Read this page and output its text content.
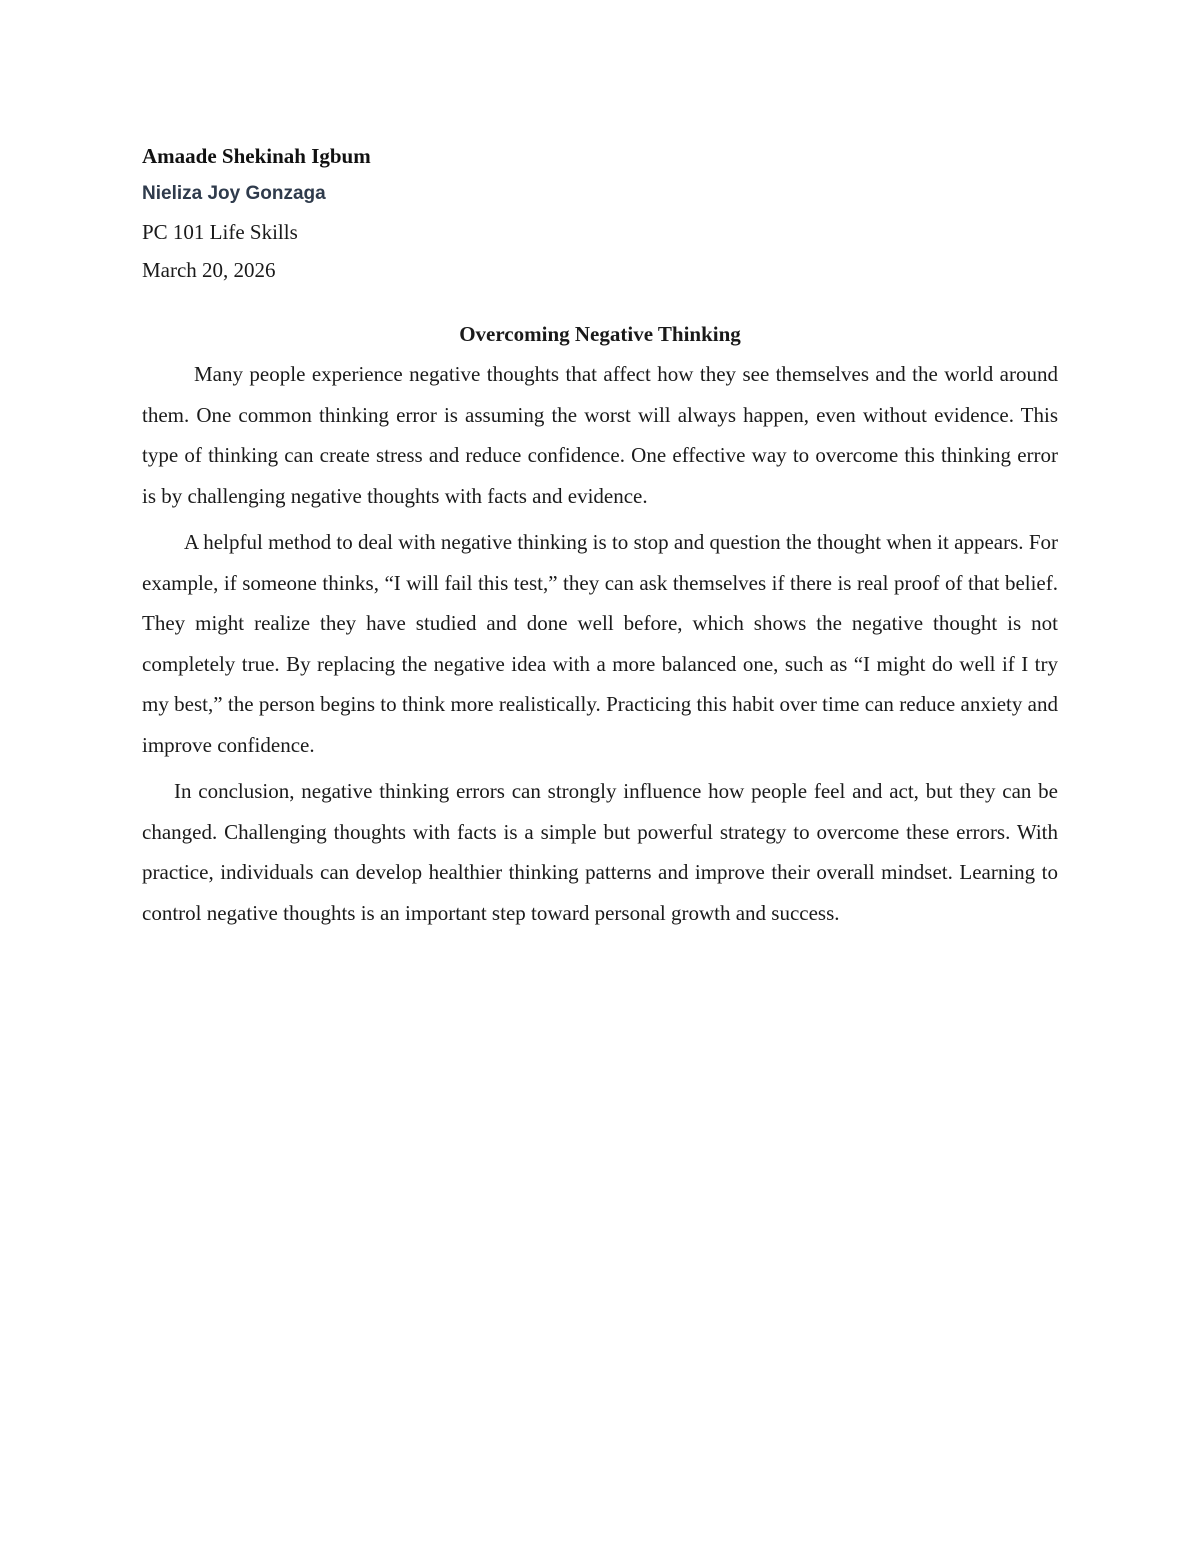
Amaade Shekinah Igbum
Nieliza Joy Gonzaga
PC 101 Life Skills
March 20, 2026
Overcoming Negative Thinking

Many people experience negative thoughts that affect how they see themselves and the world around them. One common thinking error is assuming the worst will always happen, even without evidence. This type of thinking can create stress and reduce confidence. One effective way to overcome this thinking error is by challenging negative thoughts with facts and evidence.

A helpful method to deal with negative thinking is to stop and question the thought when it appears. For example, if someone thinks, “I will fail this test,” they can ask themselves if there is real proof of that belief. They might realize they have studied and done well before, which shows the negative thought is not completely true. By replacing the negative idea with a more balanced one, such as “I might do well if I try my best,” the person begins to think more realistically. Practicing this habit over time can reduce anxiety and improve confidence.

In conclusion, negative thinking errors can strongly influence how people feel and act, but they can be changed. Challenging thoughts with facts is a simple but powerful strategy to overcome these errors. With practice, individuals can develop healthier thinking patterns and improve their overall mindset. Learning to control negative thoughts is an important step toward personal growth and success.
